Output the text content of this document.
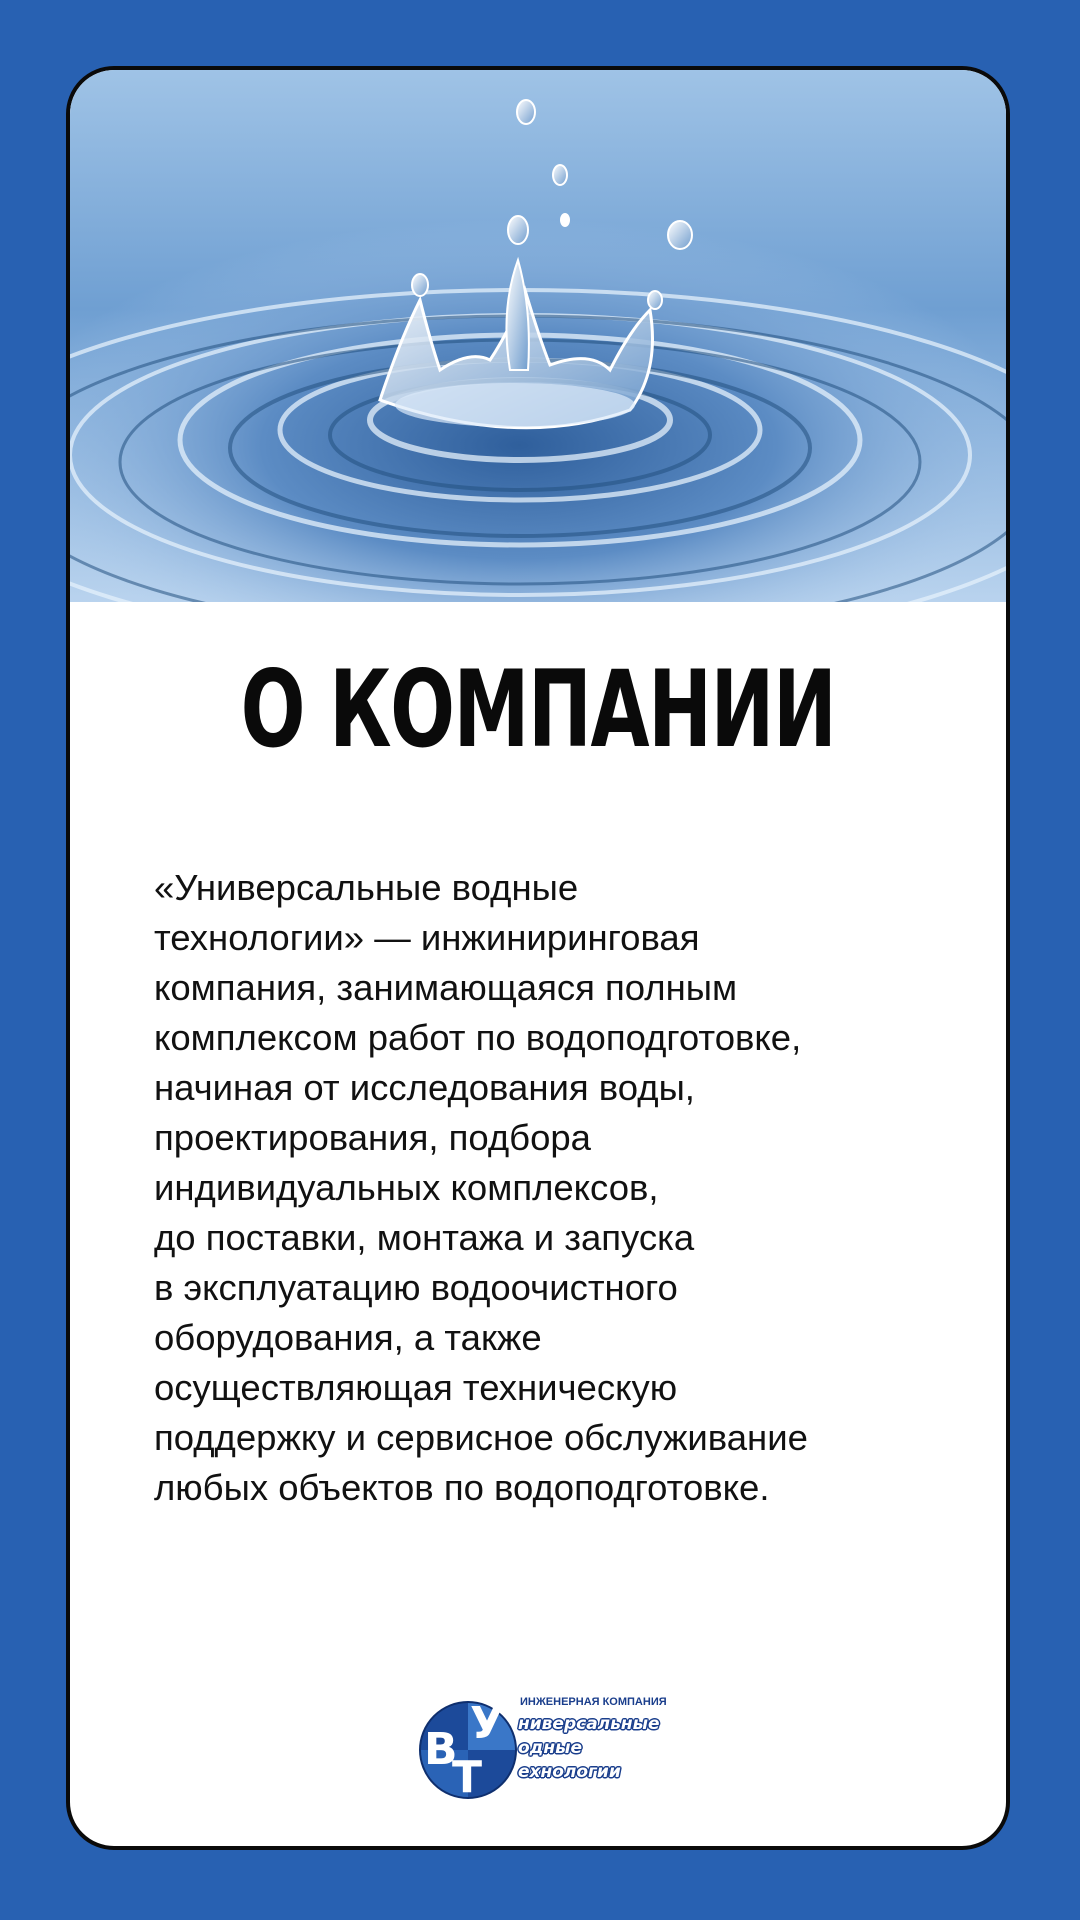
О КОМПАНИИ

«Универсальные водные
технологии» — инжиниринговая
компания, занимающаяся полным
комплексом работ по водоподготовке,
начиная от исследования воды,
проектирования, подбора
индивидуальных комплексов,
до поставки, монтажа и запуска
в эксплуатацию водоочистного
оборудования, а также
осуществляющая техническую
поддержку и сервисное обслуживание
любых объектов по водоподготовке.

У
В
Т
ИНЖЕНЕРНАЯ КОМПАНИЯ
ниверсальные
одные
ехнологии
